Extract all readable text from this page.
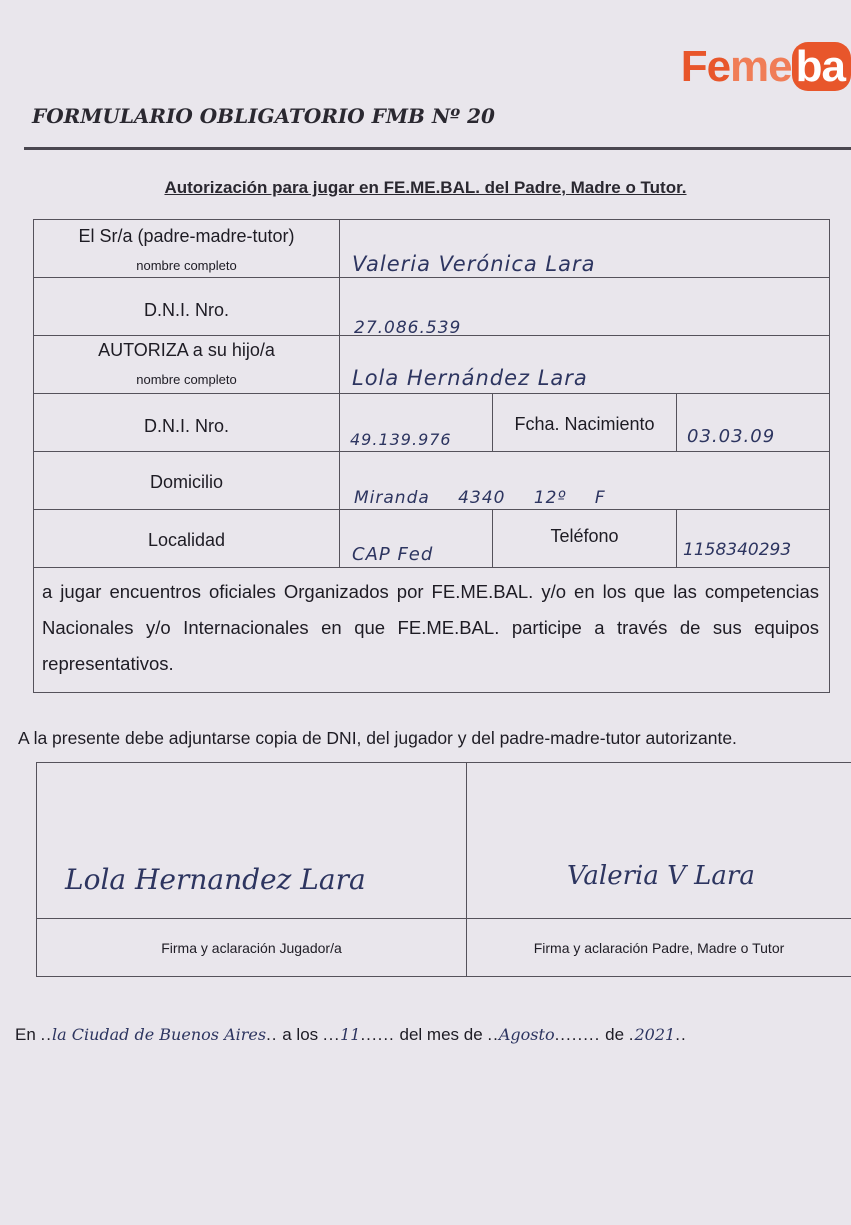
Femeba
FORMULARIO OBLIGATORIO FMB Nº 20
Autorización para jugar en FE.ME.BAL. del Padre, Madre o Tutor.
El Sr/a (padre-madre-tutor)
nombre completo	Valeria Verónica Lara		

D.N.I. Nro.	27.086.539		

AUTORIZA a su hijo/a
nombre completo	Lola Hernández Lara		

D.N.I. Nro.	49.139.976	Fcha. Nacimiento	03.03.09

Domicilio	Miranda 4340 12º F		

Localidad	CAP Fed	Teléfono	1158340293

a jugar encuentros oficiales Organizados por FE.ME.BAL. y/o en los que las competencias Nacionales y/o Internacionales en que FE.ME.BAL. participe a través de sus equipos representativos.			
A la presente debe adjuntarse copia de DNI, del jugador y del padre-madre-tutor autorizante.
Lola Hernandez Lara	Valeria V Lara

Firma y aclaración Jugador/a	Firma y aclaración Padre, Madre o Tutor
En ..la Ciudad de Buenos Aires.. a los ...11...... del mes de ..Agosto........ de .2021..
